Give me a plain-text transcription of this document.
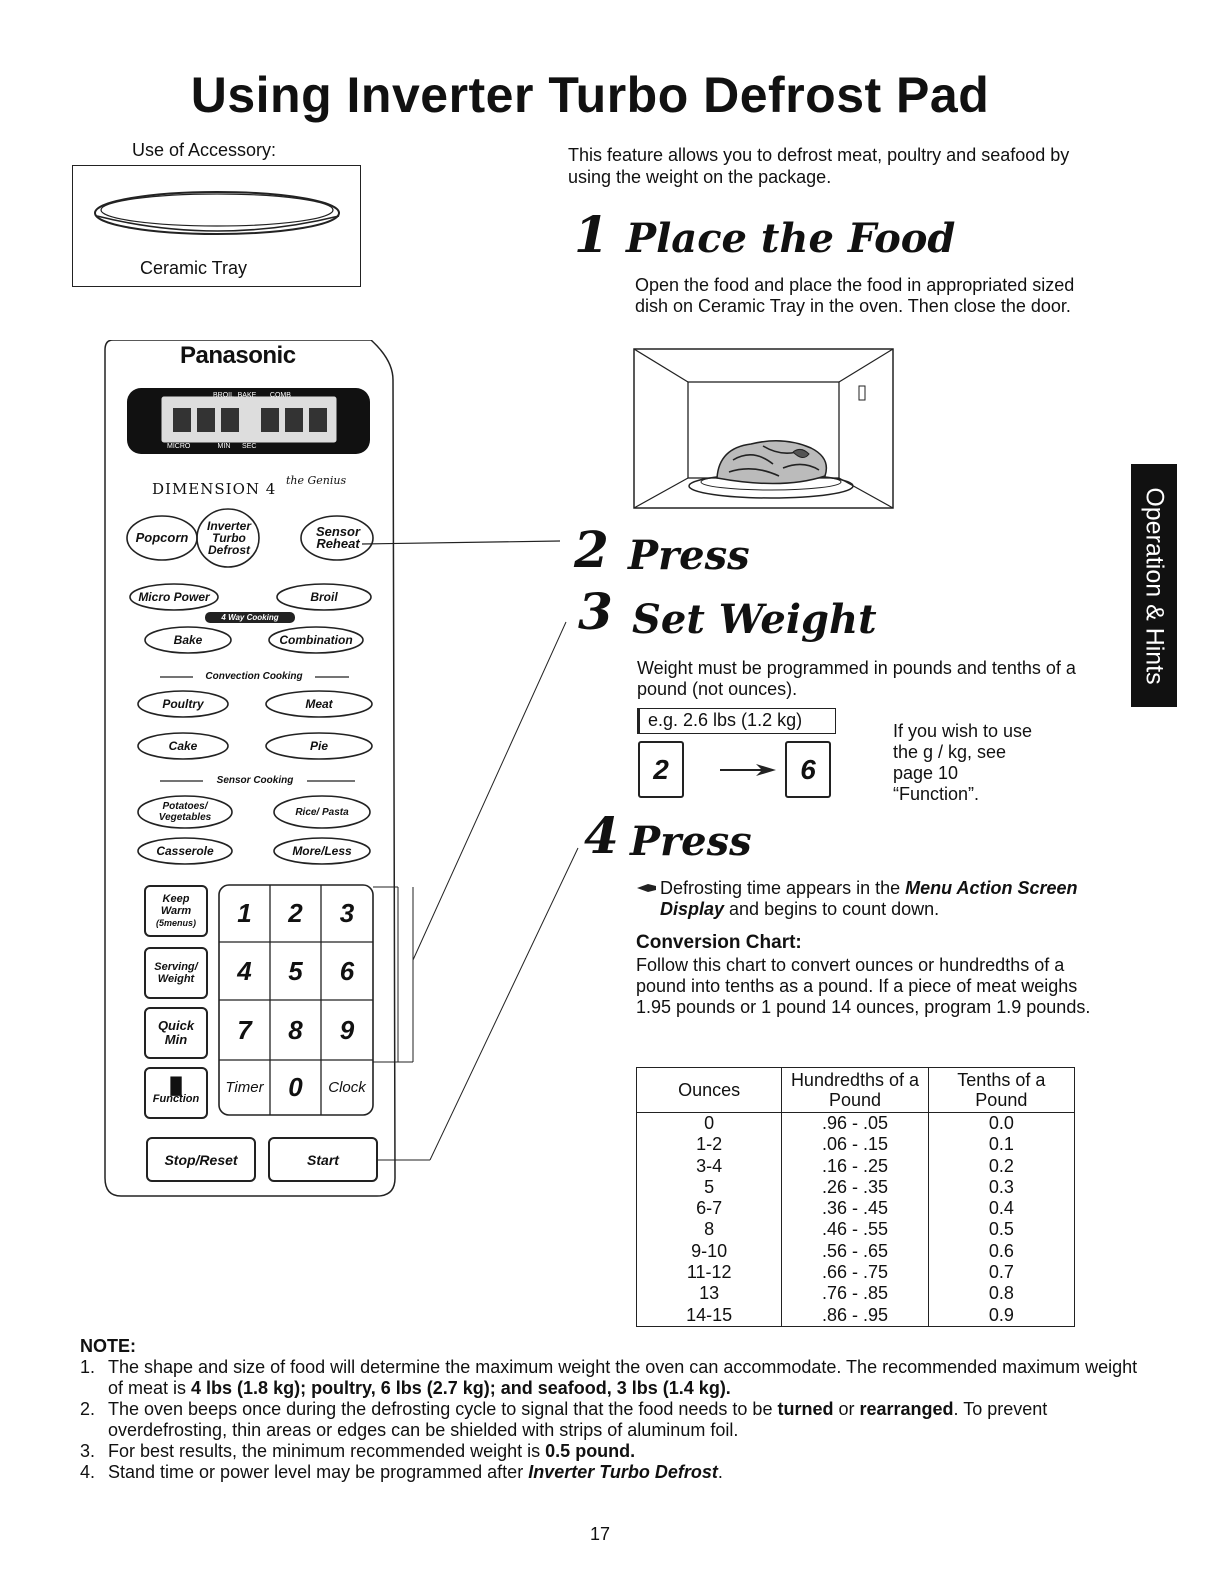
Using Inverter Turbo Defrost Pad
Use of Accessory:
Ceramic Tray
This feature allows you to defrost meat, poultry and seafood by using the weight on the package.
1 Place the Food
Open the food and place the food in appropriated sized dish on Ceramic Tray in the oven. Then close the door.
2 Press
3 Set Weight
Weight must be programmed in pounds and tenths of a pound (not ounces).
e.g. 2.6 lbs (1.2 kg)
2	6
If you wish to use
the g / kg, see
page 10
“Function”.
4 Press
Defrosting time appears in the Menu Action Screen Display and begins to count down.
Conversion Chart:
Follow this chart to convert ounces or hundredths of a pound into tenths as a pound. If a piece of meat weighs 1.95 pounds or 1 pound 14 ounces, program 1.9 pounds.
Ounces	Hundredths of a Pound	Tenths of a Pound
0	.96 - .05	0.0
1-2	.06 - .15	0.1
3-4	.16 - .25	0.2
5	.26 - .35	0.3
6-7	.36 - .45	0.4
8	.46 - .55	0.5
9-10	.56 - .65	0.6
11-12	.66 - .75	0.7
13	.76 - .85	0.8
14-15	.86 - .95	0.9
Operation & Hints
Panasonic
BROIL  BAKE       COMB
MICRO              MIN      SEC
DIMENSION 4 the Genius
Popcorn
Inverter Turbo Defrost
Sensor Reheat
Micro Power	Broil
4 Way Cooking
Bake	Combination
Convection Cooking
Poultry	Meat
Cake	Pie
Sensor Cooking
Potatoes/ Vegetables	Rice/ Pasta
Casserole	More/Less
Keep Warm
(5menus)
Serving/ Weight
Quick Min
█
Function
1	2	3
4	5	6
7	8	9
Timer 0	Clock
Stop/Reset	Start
NOTE:
1. The shape and size of food will determine the maximum weight the oven can accommodate. The recommended maximum weight of meat is 4 lbs (1.8 kg); poultry, 6 lbs (2.7 kg); and seafood, 3 lbs (1.4 kg).
2. The oven beeps once during the defrosting cycle to signal that the food needs to be turned or rearranged. To prevent overdefrosting, thin areas or edges can be shielded with strips of aluminum foil.
3. For best results, the minimum recommended weight is 0.5 pound.
4. Stand time or power level may be programmed after Inverter Turbo Defrost.
17
